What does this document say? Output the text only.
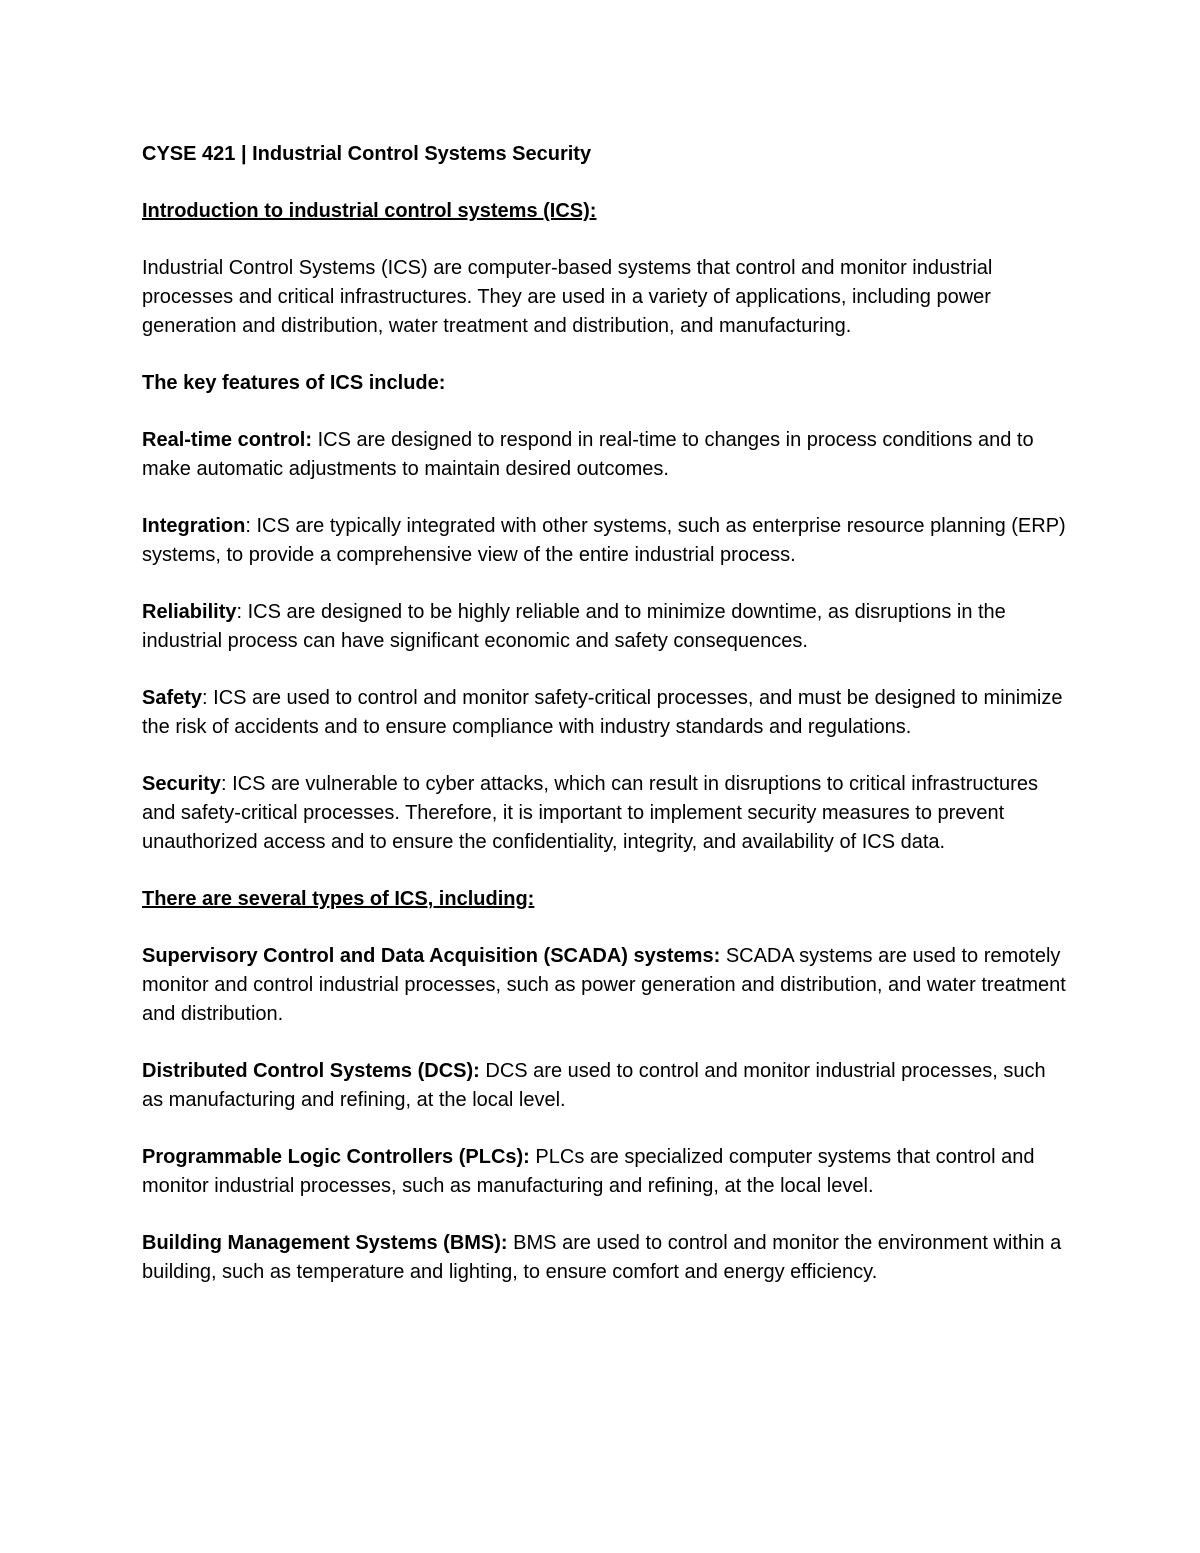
CYSE 421 | Industrial Control Systems Security

Introduction to industrial control systems (ICS):

Industrial Control Systems (ICS) are computer-based systems that control and monitor industrial processes and critical infrastructures. They are used in a variety of applications, including power generation and distribution, water treatment and distribution, and manufacturing.

The key features of ICS include:

Real-time control: ICS are designed to respond in real-time to changes in process conditions and to make automatic adjustments to maintain desired outcomes.

Integration: ICS are typically integrated with other systems, such as enterprise resource planning (ERP) systems, to provide a comprehensive view of the entire industrial process.

Reliability: ICS are designed to be highly reliable and to minimize downtime, as disruptions in the industrial process can have significant economic and safety consequences.

Safety: ICS are used to control and monitor safety-critical processes, and must be designed to minimize the risk of accidents and to ensure compliance with industry standards and regulations.

Security: ICS are vulnerable to cyber attacks, which can result in disruptions to critical infrastructures and safety-critical processes. Therefore, it is important to implement security measures to prevent unauthorized access and to ensure the confidentiality, integrity, and availability of ICS data.

There are several types of ICS, including:

Supervisory Control and Data Acquisition (SCADA) systems: SCADA systems are used to remotely monitor and control industrial processes, such as power generation and distribution, and water treatment and distribution.

Distributed Control Systems (DCS): DCS are used to control and monitor industrial processes, such as manufacturing and refining, at the local level.

Programmable Logic Controllers (PLCs): PLCs are specialized computer systems that control and monitor industrial processes, such as manufacturing and refining, at the local level.

Building Management Systems (BMS): BMS are used to control and monitor the environment within a building, such as temperature and lighting, to ensure comfort and energy efficiency.
